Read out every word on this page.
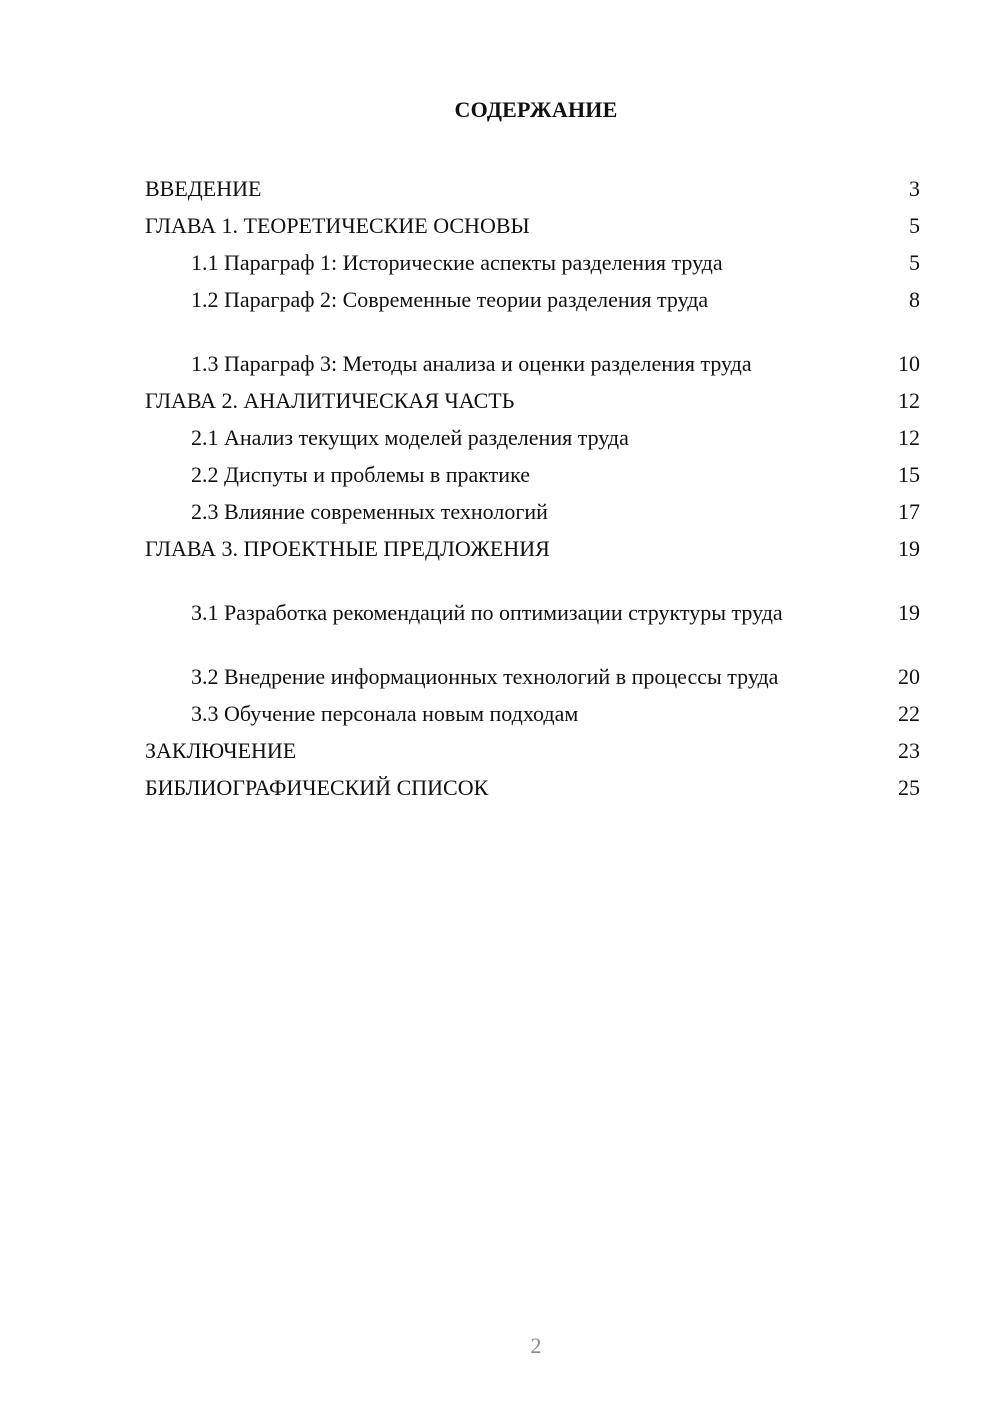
СОДЕРЖАНИЕ
ВВЕДЕНИЕ	3
ГЛАВА 1. ТЕОРЕТИЧЕСКИЕ ОСНОВЫ	5
1.1 Параграф 1: Исторические аспекты разделения труда	5
1.2 Параграф 2: Современные теории разделения труда	8
1.3 Параграф 3: Методы анализа и оценки разделения труда	10
ГЛАВА 2. АНАЛИТИЧЕСКАЯ ЧАСТЬ	12
2.1 Анализ текущих моделей разделения труда	12
2.2 Диспуты и проблемы в практике	15
2.3 Влияние современных технологий	17
ГЛАВА 3. ПРОЕКТНЫЕ ПРЕДЛОЖЕНИЯ	19
3.1 Разработка рекомендаций по оптимизации структуры труда	19
3.2 Внедрение информационных технологий в процессы труда	20
3.3 Обучение персонала новым подходам	22
ЗАКЛЮЧЕНИЕ	23
БИБЛИОГРАФИЧЕСКИЙ СПИСОК	25
2
